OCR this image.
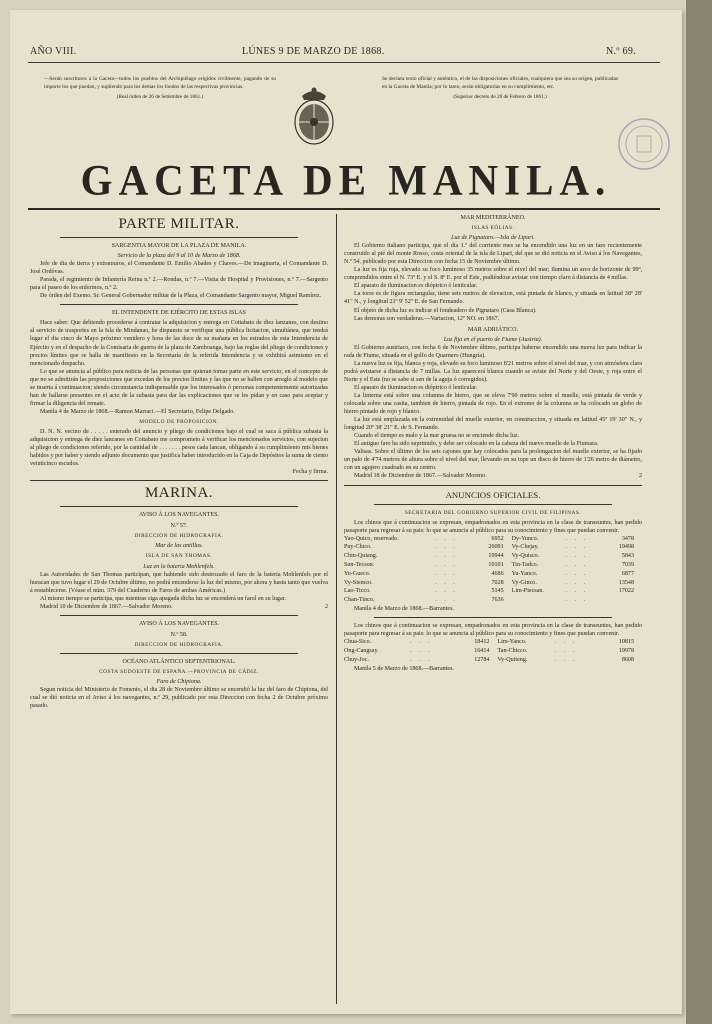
AÑO VIII.	LÚNES 9 DE MARZO DE 1868.	N.º 69.
—Serán suscritores á la Gaceta—todos los pueblos del Archipiélago erigidos civilmente, pagando de su importe los que puedan, y supliendo para los demas los fondos de las respectivas provincias.
(Real órden de 26 de Setiembre de 1861.)
Se declara texto oficial y auténtico, el de las disposiciones oficiales, cualquiera que sea su orígen, publicadas en la Gaceta de Manila; por lo tanto, serán obligatorias en su cumplimiento, etc.
(Superior decreto de 20 de Febrero de 1861.)
GACETA DE MANILA.
PARTE MILITAR.

SARGENTIA MAYOR DE LA PLAZA DE MANILA.

Servicio de la plaza del 9 al 10 de Marzo de 1868.

Jefe de dia de tierra y extramuros, el Comandante D. Emilio Abades y Chaves.—De imaginaria, el Comandante D. José Ordóvas.

Parada, el regimiento de Infantería Reina n.º 2.—Rondas, n.º 7.—Visita de Hospital y Provisiones, n.º 7.—Sargento para el paseo de los enfermos, n.º 2.

De órden del Exemo. Sr. General Gobernador militar de la Plaza, el Comandante Sargento mayor, Miguel Ramírez.

EL INTENDENTE DE EJÉRCITO DE ESTAS ISLAS

Hace saber: Que debiendo procederse á contratar la adquisicion y entrega en Cottabato de diez lanzanes, con destino al servicio de trasportes en la Isla de Mindanao, he dispuesto se verifique una pública licitacion, simultánea, que tendrá lugar el dia cinco de Mayo próximo venidero y hora de las doce de su mañana en los estrados de esta Intendencia de Ejército y en el despacho de la Comisaria de guerra de la plaza de Zamboanga, bajo las reglas del pliego de condiciones y precios límites que se halla de manifiesto en la Secretaría de la referida Intendencia y se exhibirá asimismo en el mencionado despacho.

Lo que se anuncia al público para noticia de las personas que quieran tomar parte en este servicio; en el concepto de que no se admitirán las proposiciones que excedan de los precios límites y las que no se hallen con arreglo al modelo que se inserta á continuacion; siendo circunstancia indispensable que los interesados ó personas competentemente autorizadas han de hallarse presentes en el acto de la subasta para dar las explicaciones que se les pidan y en caso para aceptar y firmar la diligencia del remate.

Manila 4 de Marzo de 1868.—Ramon Marraci.—El Secretario, Felipe Delgado.

MODELO DE PROPOSICION.

D. N. N. vecino de . . . . . enterado del anuncio y pliego de condiciones bajo el cual se saca á pública subasta la adquisicion y entrega de diez lancanes en Cottabato me comprometo á verificar los mencionados servicios, con sujecion al pliego de condiciones referido, por la cantidad de . . . . . . . pesos cada lancan, obligando á su cumplimiento mis bienes habidos y por haber y siendo adjunto documento que justifica haber introducido en la Caja de Depósitos la suma de ciento veinticinco escudos.

Fecha y firma.

MARINA.

AVISO Á LOS NAVEGANTES.

N.º 57.

DIRECCION DE HIDROGRAFIA.

Mar de las antillas.

ISLA DE SAN THOMAS.

Luz en la bateria Mohlenfels.

Las Autoridades de San Thomas participan, que habiendo sido destrozado el faro de la bateria Mohlenfels por el huracan que tuvo lugar el 29 de Octubre último, no podrá encenderse la luz del mismo, por ahora y hasta tanto que vuelva á restablecerse. (Véase el núm. 379 del Cuaderno de Faros de ambas Américas.)

Al mismo tiempo se participa, que mientras siga apagada dicha luz se encenderá un farol en su lugar.

Madrid 10 de Diciembre de 1867.—Salvador Moreno.	2

AVISO Á LOS NAVEGANTES.

N.º 58.

DIRECCION DE HIDROGRAFIA.

OCÉANO ATLÁNTICO SEPTENTRIONAL.

COSTA SUDOESTE DE ESPAÑA.—PROVINCIA DE CÁDIZ.

Faro de Chipiona.

Segun noticia del Ministerio de Fomento, el dia 28 de Noviembre último se encendió la luz del faro de Chipiona, del cual se dió noticia en el Aviso á los navegantes, n.º 29, publicado por esta Direccion con fecha 2 de Octubre próximo pasado.

MAR MEDITERRÁNEO.

ISLAS EÓLIAS.

Luz de Pignataro.—Isla de Lipari.

El Gobierno italiano participa, que el dia 1.º del corriente mes se ha encendido una luz en un faro recientemente construido al pié del monte Rosso, costa oriental de la isla de Lipari, del que se dió noticia en el Aviso á los Navegantes, N.º 54, publicado por esta Direccion con fecha 15 de Noviembre último.

La luz es fija roja, elevado su foco luminoso 35 metros sobre el nivel del mar; ilumina un arco de horizonte de 99º, comprendidos entre el N. 73º E. y el S. 8º E. por el Este, pudiéndose avistar con tiempo claro á distancia de 4 millas.

El aparato de iluminacion es dióptrico ó lenticular.

La torre es de figura rectangular, tiene seis metros de elevacion, está pintada de blanco, y situada en latitud 38º 28' 41" N., y longitud 21º 9' 52" E. de San Fernando.

El objeto de dicha luz es indicar el fondeadero de Pignataro (Casa Blanca).

Las demoras son verdaderas.—Variacion, 12º NO. en 1867.

MAR ADRIÁTICO.

Luz fija en el puerto de Fiume (Austria).

El Gobierno austriaco, con fecha 6 de Noviembre último, participa haberse encendido una nueva luz para indicar la rada de Fiume, situada en el golfo de Quarnero (Hungría).

La nueva luz es fija, blanca y roja, elevado su foco luminoso 8'21 metros sobre el nivel del mar, y con atmósfera clara podrá avistarse á distancia de 7 millas. La luz aparecerá blanca cuando se aviste del Norte y del Oeste, y roja entre el Norte y el Este (no se sabe si sen de la aguja ó corregidos).

El aparato de iluminacion es dióptrico ó lenticular.

La linterna está sobre una columna de hierro, que se eleva 7'90 metros sobre el muelle, está pintada de verde y colocada sobre una casita, tambien de hierro, pintada de rojo. En el extremo de la columna se ha colocado un globo de hierro pintado de rojo y blanco.

La luz está emplazada en la extremidad del muelle exterior, en construccion, y situada en latitud 45º 19' 30" N., y longitud 20º 38' 21" E. de S. Fernando.

Cuando el tiempo es malo y la mar gruesa no se enciende dicha luz.

El antiguo faro ha sido suprimido, y debe ser colocado en la cabeza del nuevo muelle de la Fiumara.

Valisas. Sobre el último de los seis cajones que hay colocados para la prolongacion del muelle exterior, se ha fijado un palo de 4'74 metros de altura sobre el nivel del mar, llevando en su tope un disco de hierro de 1'26 metro de diámetro, con un agujero cuadrado en su centro.

Madrid 18 de Diciembre de 1867.—Salvador Moreno.	2

ANUNCIOS OFICIALES.

SECRETARIA DEL GOBIERNO SUPERIOR CIVIL DE FILIPINAS.

Los chinos que á continuacion se expresan, empadronados en esta provincia en la clase de transeuntes, han pedido pasaporte para regresar á su pais: lo que se anuncia al público para su conocimiento y fines que puedan convenir.

Yao-Quico, reservado.	. . .	6952	Dy-Yunco.	. . .	3478
Puy-Chico.	. . .	26091	Vy-Chejay.	. . .	19498
Chin-Quiang.	. . .	19944	Vy-Quisco.	. . .	5843
Sun-Tecson.	. . .	10101	Tin-Tadco.	. . .	7039
Yu-Gueco.	. . .	4686	Yu-Yanco.	. . .	6877
Vy-Siemco.	. . .	7028	Vy-Ginco.	. . .	13548
Lao-Ticco.	. . .	5145	Lim-Piecsan.	. . .	17022
Chan-Tinco.	. . .	7636		. . .	

Manila 4 de Marzo de 1868.—Barrantes.

Los chinos que á continuacion se expresan, empadronados en esta provincia en la clase de transeuntes, han pedido pasaporte para regresar á su pais: lo que se anuncia al público para su conocimiento y fines que puedan convenir.

Chua-Sico.	. . .	18412	Lim-Yanco.	. . .	10815
Ong-Cangsay.	. . .	16414	Tan-Chicco.	. . .	19978
Chuy-Joc.	. . .	12784	Vy-Quiteng.	. . .	8608

Manila 5 de Marzo de 1868.—Barrantes.
